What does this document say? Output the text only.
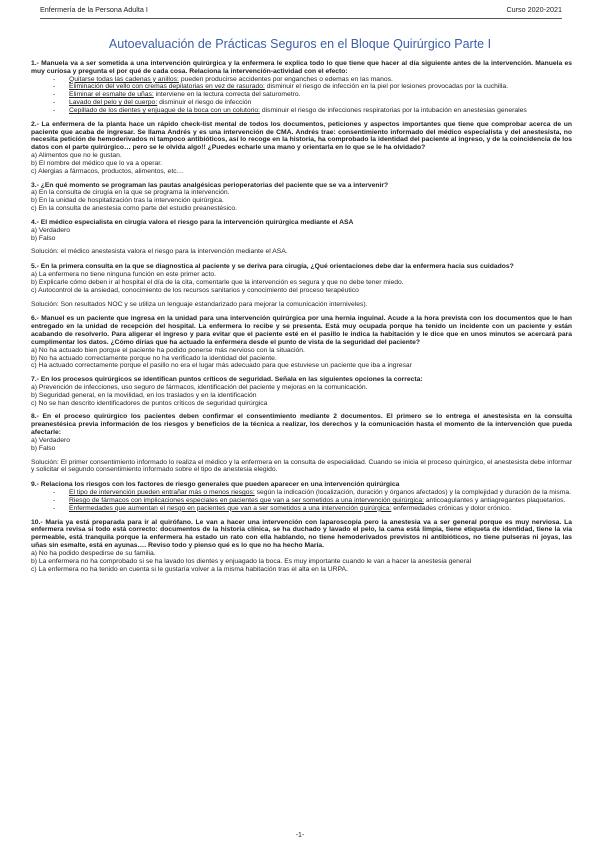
Enfermería de la Persona Adulta I	Curso 2020-2021
Autoevaluación de Prácticas Seguros en el Bloque Quirúrgico Parte I
1.- Manuela va a ser sometida a una intervención quirúrgica y la enfermera le explica todo lo que tiene que hacer al día siguiente antes de la intervención. Manuela es muy curiosa y pregunta el por qué de cada cosa. Relaciona la intervención-actividad con el efecto:
- Quitarse todas las cadenas y anillos: pueden producirse accidentes por enganches o edemas en las manos.
- Eliminación del vello con cremas depilatorias en vez de rasurado: disminuir el riesgo de infección en la piel por lesiones provocadas por la cuchilla.
- Eliminar el esmalte de uñas: interviene en la lectura correcta del saturometro.
- Lavado del pelo y del cuerpo: disminuir el riesgo de infección
- Cepillado de los dientes y enjuague de la boca con un colutorio: disminuir el riesgo de infecciones respiratorias por la intubación en anestesias generales
2.- La enfermera de la planta hace un rápido check-list mental de todos los documentos, peticiones y aspectos importantes que tiene que comprobar acerca de un paciente que acaba de ingresar. Se llama Andrés y es una intervención de CMA. Andrés trae: consentimiento informado del médico especialista y del anestesista, no necesita petición de hemoderivados ni tampoco antibióticos, así lo recoge en la historia, ha comprobado la identidad del paciente al ingreso, y de la coincidencia de los datos con el parte quirúrgico… pero se le olvida algo!! ¿Puedes echarle una mano y orientarla en lo que se le ha olvidado?
a) Alimentos que no le gustan.
b) El nombre del médico que lo va a operar.
c) Alergias a fármacos, productos, alimentos, etc…
3.- ¿En qué momento se programan las pautas analgésicas perioperatorias del paciente que se va a intervenir?
a) En la consulta de cirugía en la que se programa la intervención.
b) En la unidad de hospitalización tras la intervención quirúrgica.
c) En la consulta de anestesia como parte del estudio preanestésico.
4.- El médico especialista en cirugía valora el riesgo para la intervención quirúrgica mediante el ASA
a) Verdadero
b) Falso
Solución: el médico anestesista valora el riesgo para la intervención mediante el ASA.
5.- En la primera consulta en la que se diagnostica al paciente y se deriva para cirugía, ¿Qué orientaciones debe dar la enfermera hacia sus cuidados?
a) La enfermera no tiene ninguna función en este primer acto.
b) Explicarle cómo deben ir al hospital el día de la cita, comentarle que la intervención es segura y que no debe tener miedo.
c) Autocontrol de la ansiedad, conocimiento de los recursos sanitarios y conocimiento del proceso terapéutico
Solución: Son resultados NOC y se utiliza un lenguaje estandarizado para mejorar la comunicación interniveles).
6.- Manuel es un paciente que ingresa en la unidad para una intervención quirúrgica por una hernia inguinal. Acude a la hora prevista con los documentos que le han entregado en la unidad de recepción del hospital. La enfermera lo recibe y se presenta. Está muy ocupada porque ha tenido un incidente con un paciente y están acabando de resolverlo. Para aligerar el ingreso y para evitar que el paciente esté en el pasillo le indica la habitación y le dice que en unos minutos se acercará para cumplimentar los datos. ¿Cómo dirías que ha actuado la enfermera desde el punto de vista de la seguridad del paciente?
a) No ha actuado bien porque el paciente ha podido ponerse más nervioso con la situación.
b) No ha actuado correctamente porque no ha verificado la identidad del paciente.
c) Ha actuado correctamente porque el pasillo no era el lugar más adecuado para que estuviese un paciente que iba a ingresar
7.- En los procesos quirúrgicos se identifican puntos críticos de seguridad. Señala en las siguientes opciones la correcta:
a) Prevención de infecciones, uso seguro de fármacos, identificación del paciente y mejoras en la comunicación.
b) Seguridad general, en la movilidad, en los traslados y en la identificación
c) No se han descrito identificadores de puntos críticos de seguridad quirúrgica
8.- En el proceso quirúrgico los pacientes deben confirmar el consentimiento mediante 2 documentos. El primero se lo entrega el anestesista en la consulta preanestésica previa información de los riesgos y beneficios de la técnica a realizar, los derechos y la comunicación hasta el momento de la intervención que pueda afectarle:
a) Verdadero
b) Falso
Solución: El primer consentimiento informado lo realiza el médico y la enfermera en la consulta de especialidad. Cuando se inicia el proceso quirúrgico, el anestesista debe informar y solicitar el segundo consentimiento informado sobre el tipo de anestesia elegido.
9.- Relaciona los riesgos con los factores de riesgo generales que pueden aparecer en una intervención quirúrgica
- El tipo de intervención pueden entrañar más o menos riesgos: según la indicación (localización, duración y órganos afectados) y la complejidad y duración de la misma.
- Riesgo de fármacos con implicaciones especiales en pacientes que van a ser sometidos a una intervención quirúrgica: anticoagulantes y antiagregantes plaquetarios.
- Enfermedades que aumentan el riesgo en pacientes que van a ser sometidos a una intervención quirúrgica: enfermedades crónicas y dolor crónico.
10.- María ya está preparada para ir al quirófano. Le van a hacer una intervención con laparoscopia pero la anestesia va a ser general porque es muy nerviosa. La enfermera revisa si todo está correcto: documentos de la historia clínica, se ha duchado y lavado el pelo, la cama está limpia, tiene etiqueta de identidad, tiene la vía permeable, está tranquila porque la enfermera ha estado un rato con ella hablando, no tiene hemoderivados previstos ni antibióticos, no tiene pulseras ni joyas, las uñas sin esmalte, está en ayunas…. Reviso todo y pienso qué es lo que no ha hecho María.
a) No ha podido despedirse de su familia.
b) La enfermera no ha comprobado si se ha lavado los dientes y enjuagado la boca. Es muy importante cuando le van a hacer la anestesia general
c) La enfermera no ha tenido en cuenta si le gustaría volver a la misma habitación tras el alta en la URPA.
-1-
